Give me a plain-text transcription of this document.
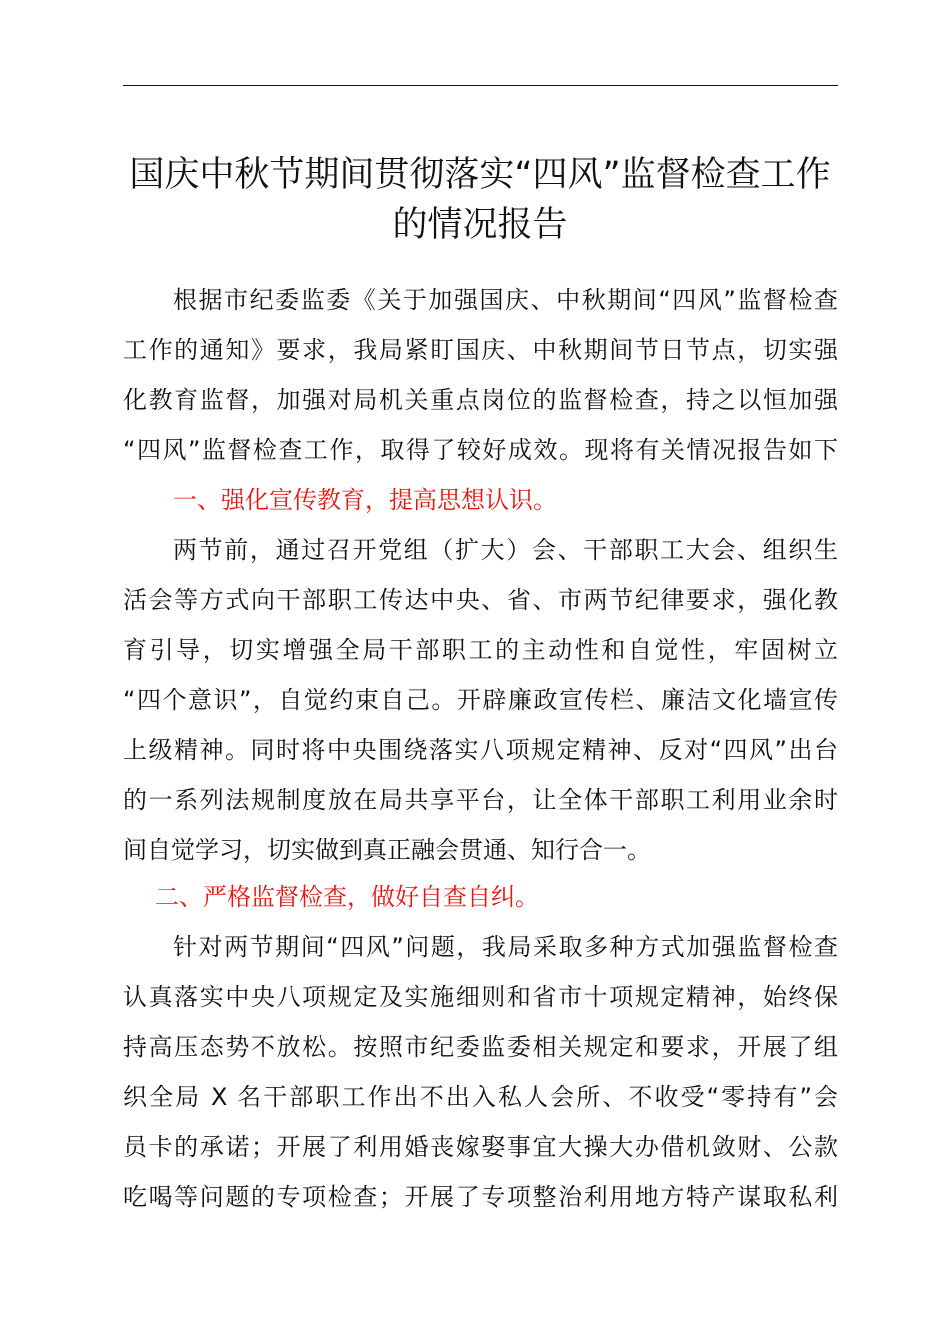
国庆中秋节期间贯彻落实“四风”监督检查工作
的情况报告
根据市纪委监委《关于加强国庆、中秋期间“四风”监督检查
工作的通知》要求，我局紧盯国庆、中秋期间节日节点，切实强
化教育监督，加强对局机关重点岗位的监督检查，持之以恒加强
“四风”监督检查工作，取得了较好成效。现将有关情况报告如下
一、强化宣传教育，提高思想认识。
两节前，通过召开党组（扩大）会、干部职工大会、组织生
活会等方式向干部职工传达中央、省、市两节纪律要求，强化教
育引导，切实增强全局干部职工的主动性和自觉性，牢固树立
“四个意识”，自觉约束自己。开辟廉政宣传栏、廉洁文化墙宣传
上级精神。同时将中央围绕落实八项规定精神、反对“四风”出台
的一系列法规制度放在局共享平台，让全体干部职工利用业余时
间自觉学习，切实做到真正融会贯通、知行合一。
二、严格监督检查，做好自查自纠。
针对两节期间“四风”问题，我局采取多种方式加强监督检查
认真落实中央八项规定及实施细则和省市十项规定精神，始终保
持高压态势不放松。按照市纪委监委相关规定和要求，开展了组
织全局 X 名干部职工作出不出入私人会所、不收受“零持有”会
员卡的承诺；开展了利用婚丧嫁娶事宜大操大办借机敛财、公款
吃喝等问题的专项检查；开展了专项整治利用地方特产谋取私利
